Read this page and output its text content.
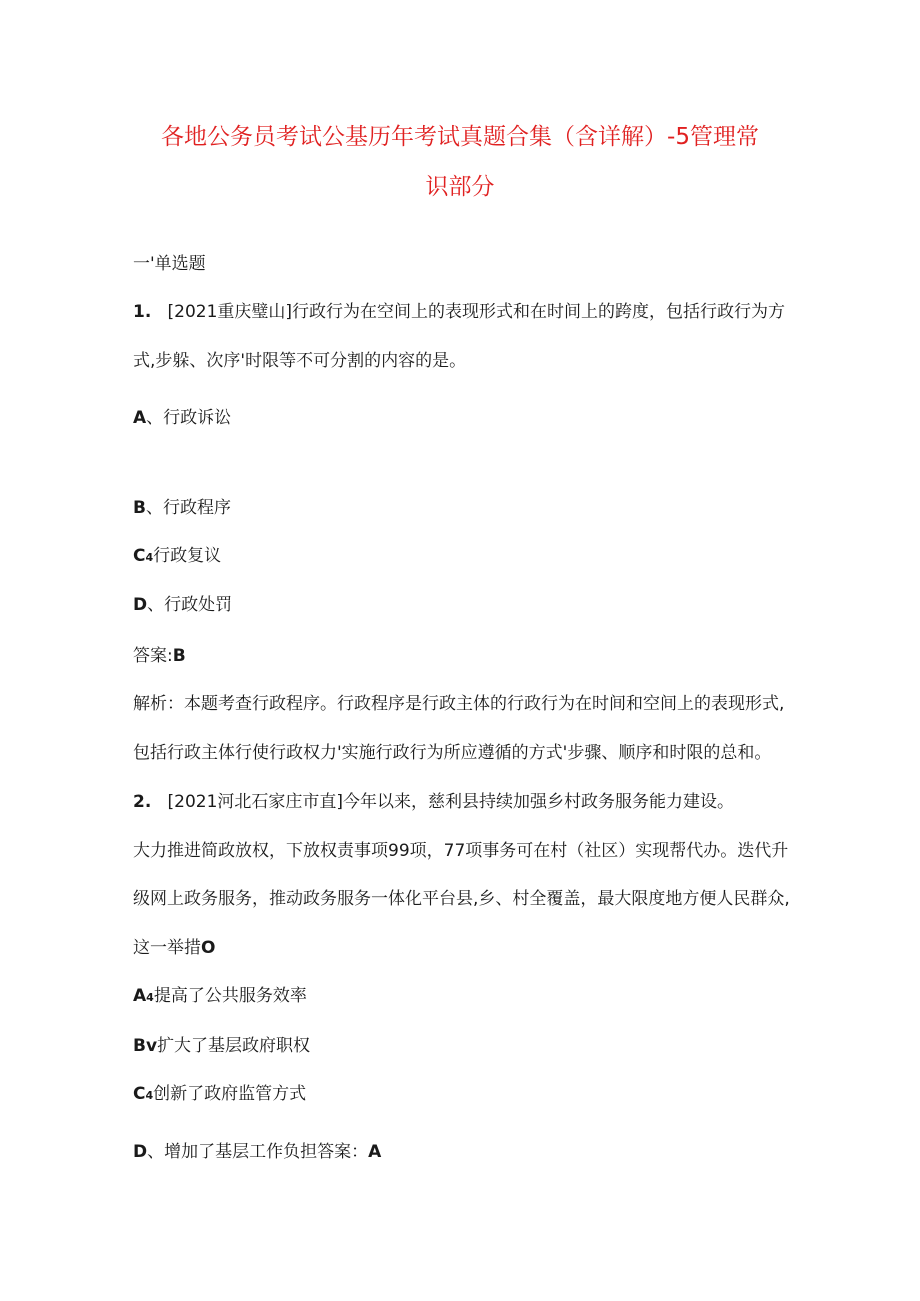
各地公务员考试公基历年考试真题合集（含详解）-5管理常
识部分
一'单选题
1. [2021重庆璧山]行政行为在空间上的表现形式和在时间上的跨度，包括行政行为方
式,步躲、次序'时限等不可分割的内容的是。
A、行政诉讼
B、行政程序
C4行政复议
D、行政处罚
答案:B
解析：本题考查行政程序。行政程序是行政主体的行政行为在时间和空间上的表现形式,
包括行政主体行使行政权力'实施行政行为所应遵循的方式'步骤、顺序和时限的总和。
2. [2021河北石家庄市直]今年以来，慈利县持续加强乡村政务服务能力建设。
大力推进简政放权，下放权责事项99项，77项事务可在村（社区）实现帮代办。迭代升
级网上政务服务，推动政务服务一体化平台县,乡、村全覆盖，最大限度地方便人民群众,
这一举措O
A4提高了公共服务效率
Bv扩大了基层政府职权
C4创新了政府监管方式
D、增加了基层工作负担答案：A
